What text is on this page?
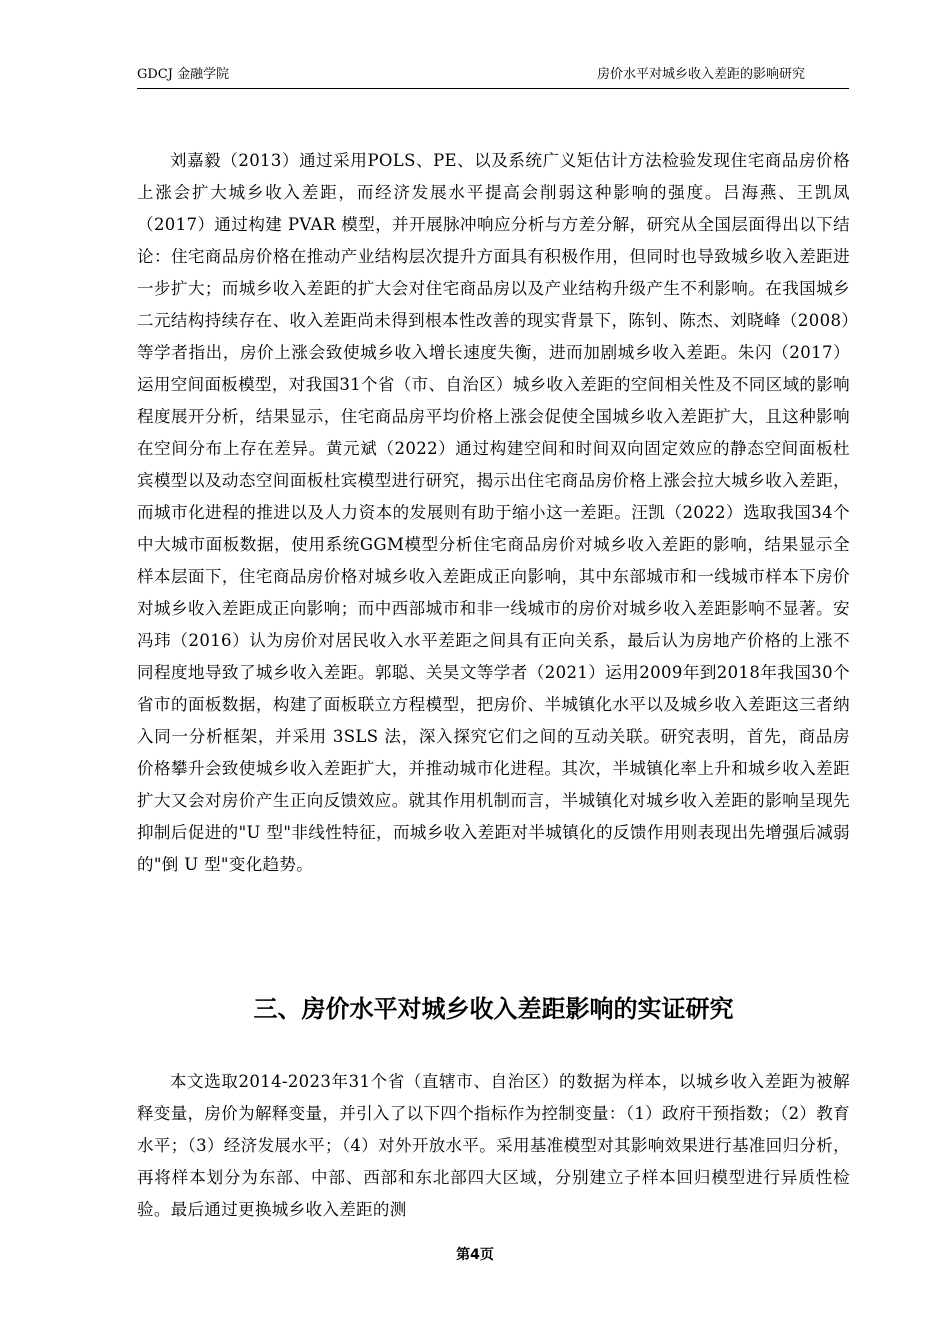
GDCJ 金融学院	房价水平对城乡收入差距的影响研究

刘嘉毅（2013）通过采用POLS、PE、以及系统广义矩估计方法检验发现住宅商品房价格上涨会扩大城乡收入差距，而经济发展水平提高会削弱这种影响的强度。吕海燕、王凯凤（2017）通过构建 PVAR 模型，并开展脉冲响应分析与方差分解，研究从全国层面得出以下结论：住宅商品房价格在推动产业结构层次提升方面具有积极作用，但同时也导致城乡收入差距进一步扩大；而城乡收入差距的扩大会对住宅商品房以及产业结构升级产生不利影响。在我国城乡二元结构持续存在、收入差距尚未得到根本性改善的现实背景下，陈钊、陈杰、刘晓峰（2008）等学者指出，房价上涨会致使城乡收入增长速度失衡，进而加剧城乡收入差距。朱闪（2017）运用空间面板模型，对我国31个省（市、自治区）城乡收入差距的空间相关性及不同区域的影响程度展开分析，结果显示，住宅商品房平均价格上涨会促使全国城乡收入差距扩大，且这种影响在空间分布上存在差异。黄元斌（2022）通过构建空间和时间双向固定效应的静态空间面板杜宾模型以及动态空间面板杜宾模型进行研究，揭示出住宅商品房价格上涨会拉大城乡收入差距，而城市化进程的推进以及人力资本的发展则有助于缩小这一差距。汪凯（2022）选取我国34个中大城市面板数据，使用系统GGM模型分析住宅商品房价对城乡收入差距的影响，结果显示全样本层面下，住宅商品房价格对城乡收入差距成正向影响，其中东部城市和一线城市样本下房价对城乡收入差距成正向影响；而中西部城市和非一线城市的房价对城乡收入差距影响不显著。安冯玮（2016）认为房价对居民收入水平差距之间具有正向关系，最后认为房地产价格的上涨不同程度地导致了城乡收入差距。郭聪、关昊文等学者（2021）运用2009年到2018年我国30个省市的面板数据，构建了面板联立方程模型，把房价、半城镇化水平以及城乡收入差距这三者纳入同一分析框架，并采用 3SLS 法，深入探究它们之间的互动关联。研究表明，首先，商品房价格攀升会致使城乡收入差距扩大，并推动城市化进程。其次，半城镇化率上升和城乡收入差距扩大又会对房价产生正向反馈效应。就其作用机制而言，半城镇化对城乡收入差距的影响呈现先抑制后促进的"U 型"非线性特征，而城乡收入差距对半城镇化的反馈作用则表现出先增强后减弱的"倒 U 型"变化趋势。

三、房价水平对城乡收入差距影响的实证研究

本文选取2014-2023年31个省（直辖市、自治区）的数据为样本，以城乡收入差距为被解释变量，房价为解释变量，并引入了以下四个指标作为控制变量：（1）政府干预指数；（2）教育水平；（3）经济发展水平；（4）对外开放水平。采用基准模型对其影响效果进行基准回归分析，再将样本划分为东部、中部、西部和东北部四大区域，分别建立子样本回归模型进行异质性检验。最后通过更换城乡收入差距的测

第4页
